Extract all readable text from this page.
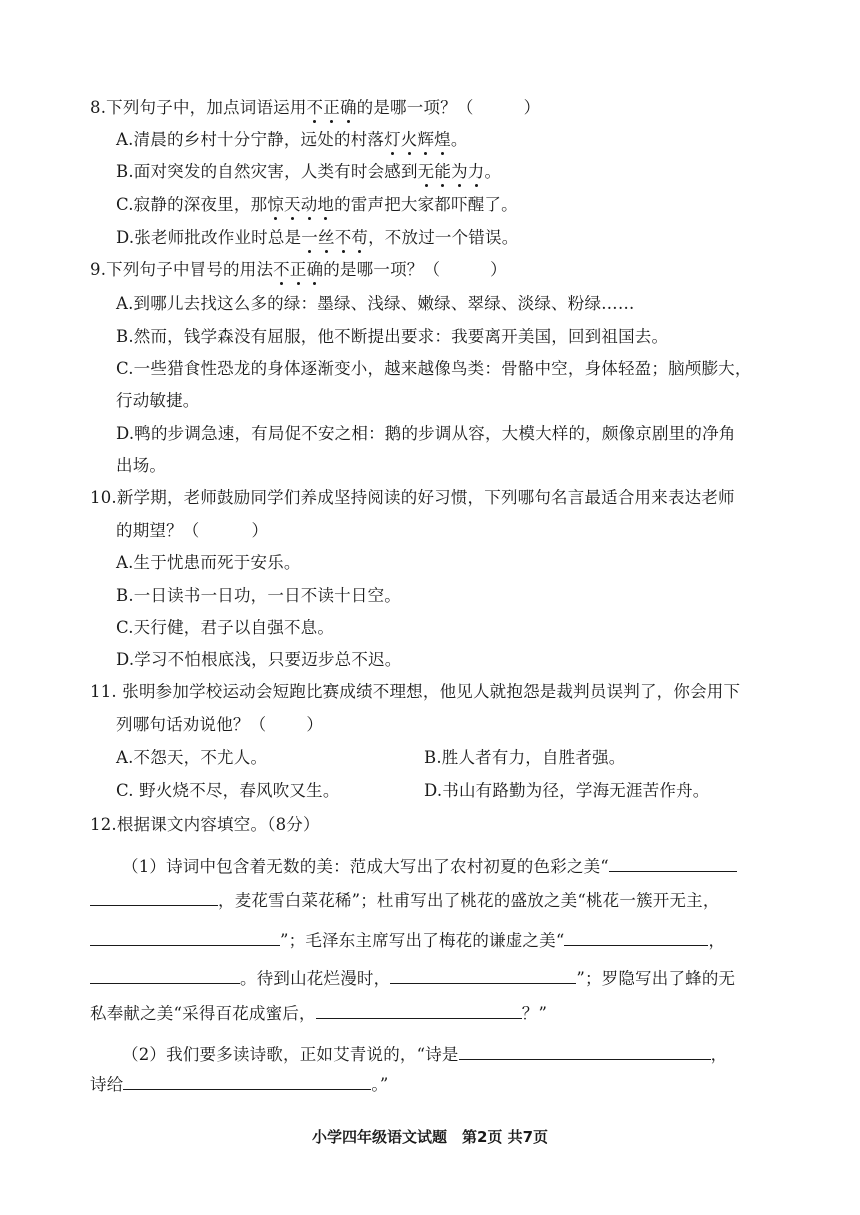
8.下列句子中，加点词语运用不正确的是哪一项？（	）
A.清晨的乡村十分宁静，远处的村落灯火辉煌。
B.面对突发的自然灾害，人类有时会感到无能为力。
C.寂静的深夜里，那惊天动地的雷声把大家都吓醒了。
D.张老师批改作业时总是一丝不苟，不放过一个错误。
9.下列句子中冒号的用法不正确的是哪一项？（	）
A.到哪儿去找这么多的绿：墨绿、浅绿、嫩绿、翠绿、淡绿、粉绿……
B.然而，钱学森没有屈服，他不断提出要求：我要离开美国，回到祖国去。
C.一些猎食性恐龙的身体逐渐变小，越来越像鸟类：骨骼中空，身体轻盈；脑颅膨大，
行动敏捷。
D.鸭的步调急速，有局促不安之相：鹅的步调从容，大模大样的，颇像京剧里的净角
出场。
10.新学期，老师鼓励同学们养成坚持阅读的好习惯，下列哪句名言最适合用来表达老师
的期望？（	）
A.生于忧患而死于安乐。
B.一日读书一日功，一日不读十日空。
C.天行健，君子以自强不息。
D.学习不怕根底浅，只要迈步总不迟。
11. 张明参加学校运动会短跑比赛成绩不理想，他见人就抱怨是裁判员误判了，你会用下
列哪句话劝说他？（ ）
A.不怨天，不尤人。	B.胜人者有力，自胜者强。
C. 野火烧不尽，春风吹又生。	D.书山有路勤为径，学海无涯苦作舟。
12.根据课文内容填空。（8分）
（1）诗词中包含着无数的美：范成大写出了农村初夏的色彩之美“
，麦花雪白菜花稀”；杜甫写出了桃花的盛放之美“桃花一簇开无主，
”；毛泽东主席写出了梅花的谦虚之美“	，
。待到山花烂漫时，	”；罗隐写出了蜂的无
私奉献之美“采得百花成蜜后，	？”
（2）我们要多读诗歌，正如艾青说的，“诗是	，
诗给	。”
小学四年级语文试题　第2页 共7页
